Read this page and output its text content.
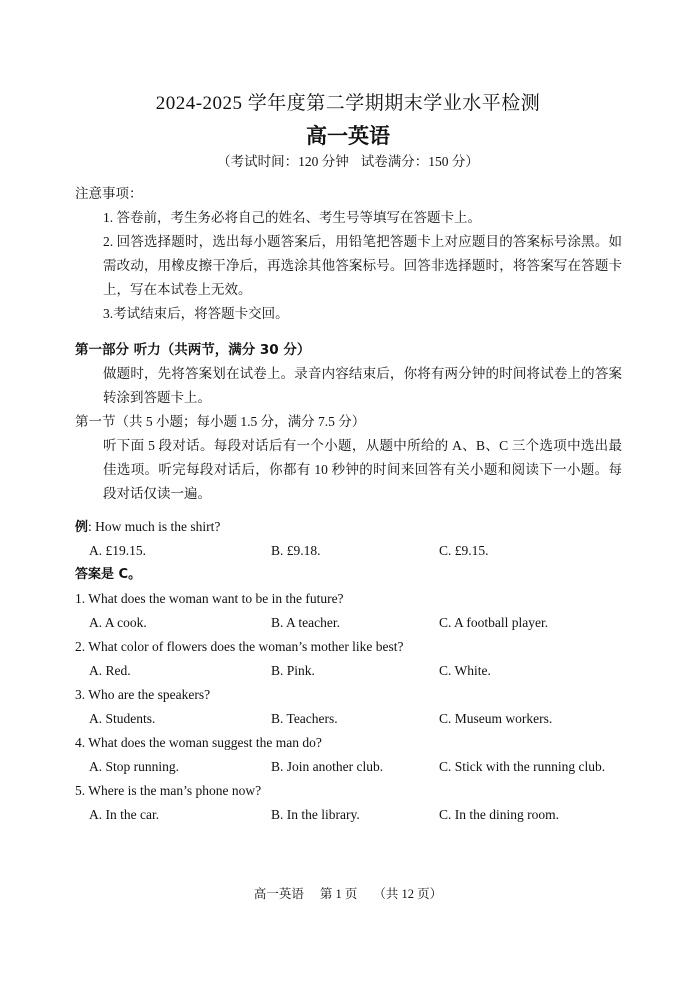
2024-2025 学年度第二学期期末学业水平检测
高一英语
（考试时间：120 分钟 试卷满分：150 分）
注意事项：
1. 答卷前，考生务必将自己的姓名、考生号等填写在答题卡上。
2. 回答选择题时，选出每小题答案后，用铅笔把答题卡上对应题目的答案标号涂黑。如需改动，用橡皮擦干净后，再选涂其他答案标号。回答非选择题时，将答案写在答题卡上，写在本试卷上无效。
3.考试结束后，将答题卡交回。
第一部分 听力（共两节，满分 30 分）
做题时，先将答案划在试卷上。录音内容结束后，你将有两分钟的时间将试卷上的答案转涂到答题卡上。
第一节（共 5 小题；每小题 1.5 分，满分 7.5 分）
听下面 5 段对话。每段对话后有一个小题，从题中所给的 A、B、C 三个选项中选出最佳选项。听完每段对话后，你都有 10 秒钟的时间来回答有关小题和阅读下一小题。每段对话仅读一遍。
例: How much is the shirt?
A. £19.15.	B. £9.18.	C. £9.15.
答案是 C。
1. What does the woman want to be in the future?
A. A cook.	B. A teacher.	C. A football player.
2. What color of flowers does the woman’s mother like best?
A. Red.	B. Pink.	C. White.
3. Who are the speakers?
A. Students.	B. Teachers.	C. Museum workers.
4. What does the woman suggest the man do?
A. Stop running.	B. Join another club.	C. Stick with the running club.
5. Where is the man’s phone now?
A. In the car.	B. In the library.	C. In the dining room.
高一英语 第 1 页 （共 12 页）
